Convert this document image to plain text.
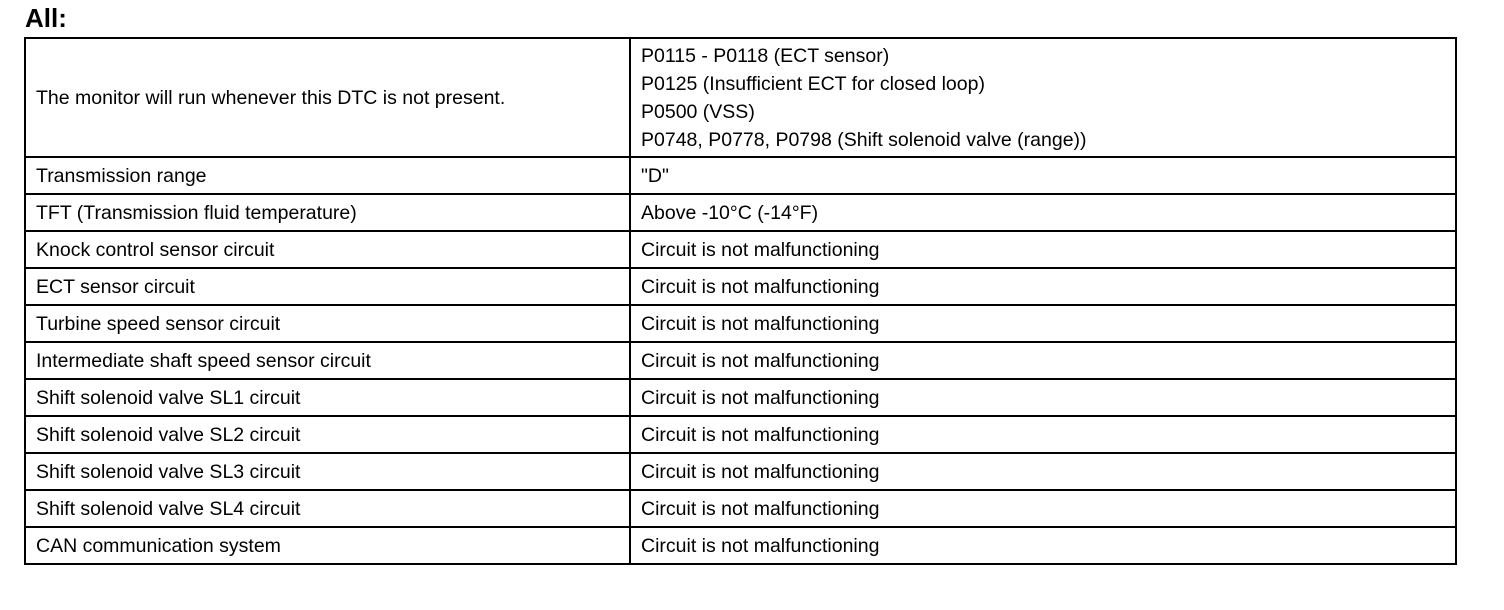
All:
The monitor will run whenever this DTC is not present.	P0115 - P0118 (ECT sensor)
P0125 (Insufficient ECT for closed loop)
P0500 (VSS)
P0748, P0778, P0798 (Shift solenoid valve (range))

Transmission range	"D"
TFT (Transmission fluid temperature)	Above -10°C (-14°F)
Knock control sensor circuit	Circuit is not malfunctioning
ECT sensor circuit	Circuit is not malfunctioning
Turbine speed sensor circuit	Circuit is not malfunctioning
Intermediate shaft speed sensor circuit	Circuit is not malfunctioning
Shift solenoid valve SL1 circuit	Circuit is not malfunctioning
Shift solenoid valve SL2 circuit	Circuit is not malfunctioning
Shift solenoid valve SL3 circuit	Circuit is not malfunctioning
Shift solenoid valve SL4 circuit	Circuit is not malfunctioning
CAN communication system	Circuit is not malfunctioning
